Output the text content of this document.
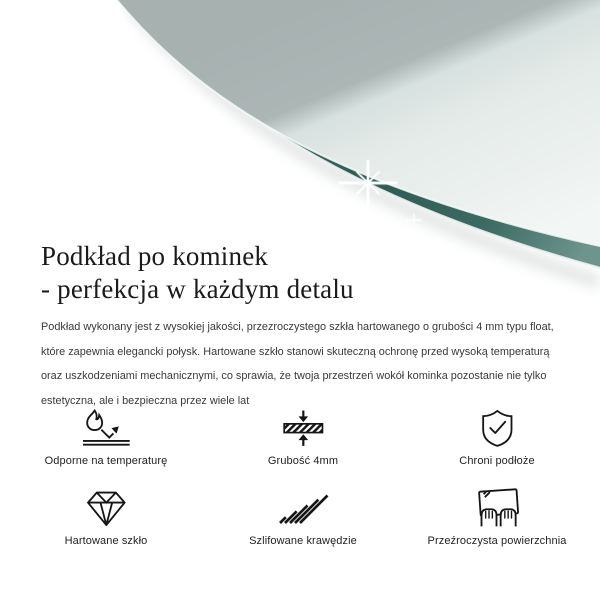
Podkład po kominek
- perfekcja w każdym detalu
Podkład wykonany jest z wysokiej jakości, przezroczystego szkła hartowanego o grubości 4 mm typu float,
które zapewnia elegancki połysk. Hartowane szkło stanowi skuteczną ochronę przed wysoką temperaturą
oraz uszkodzeniami mechanicznymi, co sprawia, że twoja przestrzeń wokół kominka pozostanie nie tylko
estetyczna, ale i bezpieczna przez wiele lat
Odporne na temperaturę	Grubość 4mm	Chroni podłoże
Hartowane szkło	Szlifowane krawędzie	Przeźroczysta powierzchnia
